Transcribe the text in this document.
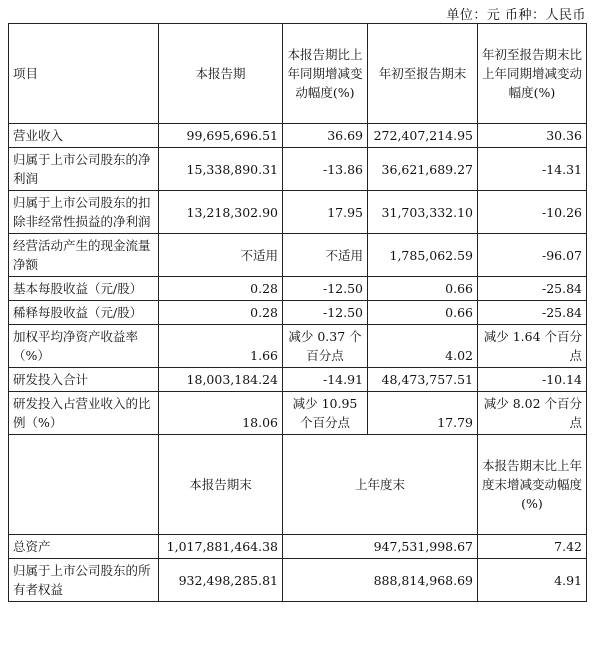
单位：元 币种：人民币
项目	本报告期	本报告期比上年同期增减变动幅度(%)	年初至报告期末	年初至报告期末比上年同期增减变动幅度(%)
营业收入	99,695,696.51	36.69	272,407,214.95	30.36
归属于上市公司股东的净利润	15,338,890.31	-13.86	36,621,689.27	-14.31
归属于上市公司股东的扣除非经常性损益的净利润	13,218,302.90	17.95	31,703,332.10	-10.26
经营活动产生的现金流量净额	不适用	不适用	1,785,062.59	-96.07
基本每股收益（元/股）	0.28	-12.50	0.66	-25.84
稀释每股收益（元/股）	0.28	-12.50	0.66	-25.84
加权平均净资产收益率（%）	1.66	减少 0.37 个百分点	4.02	减少 1.64 个百分点
研发投入合计	18,003,184.24	-14.91	48,473,757.51	-10.14
研发投入占营业收入的比例（%）	18.06	减少 10.95 个百分点	17.79	减少 8.02 个百分点
	本报告期末	上年度末		本报告期末比上年度末增减变动幅度(%)
总资产	1,017,881,464.38	947,531,998.67		7.42
归属于上市公司股东的所有者权益	932,498,285.81	888,814,968.69		4.91
